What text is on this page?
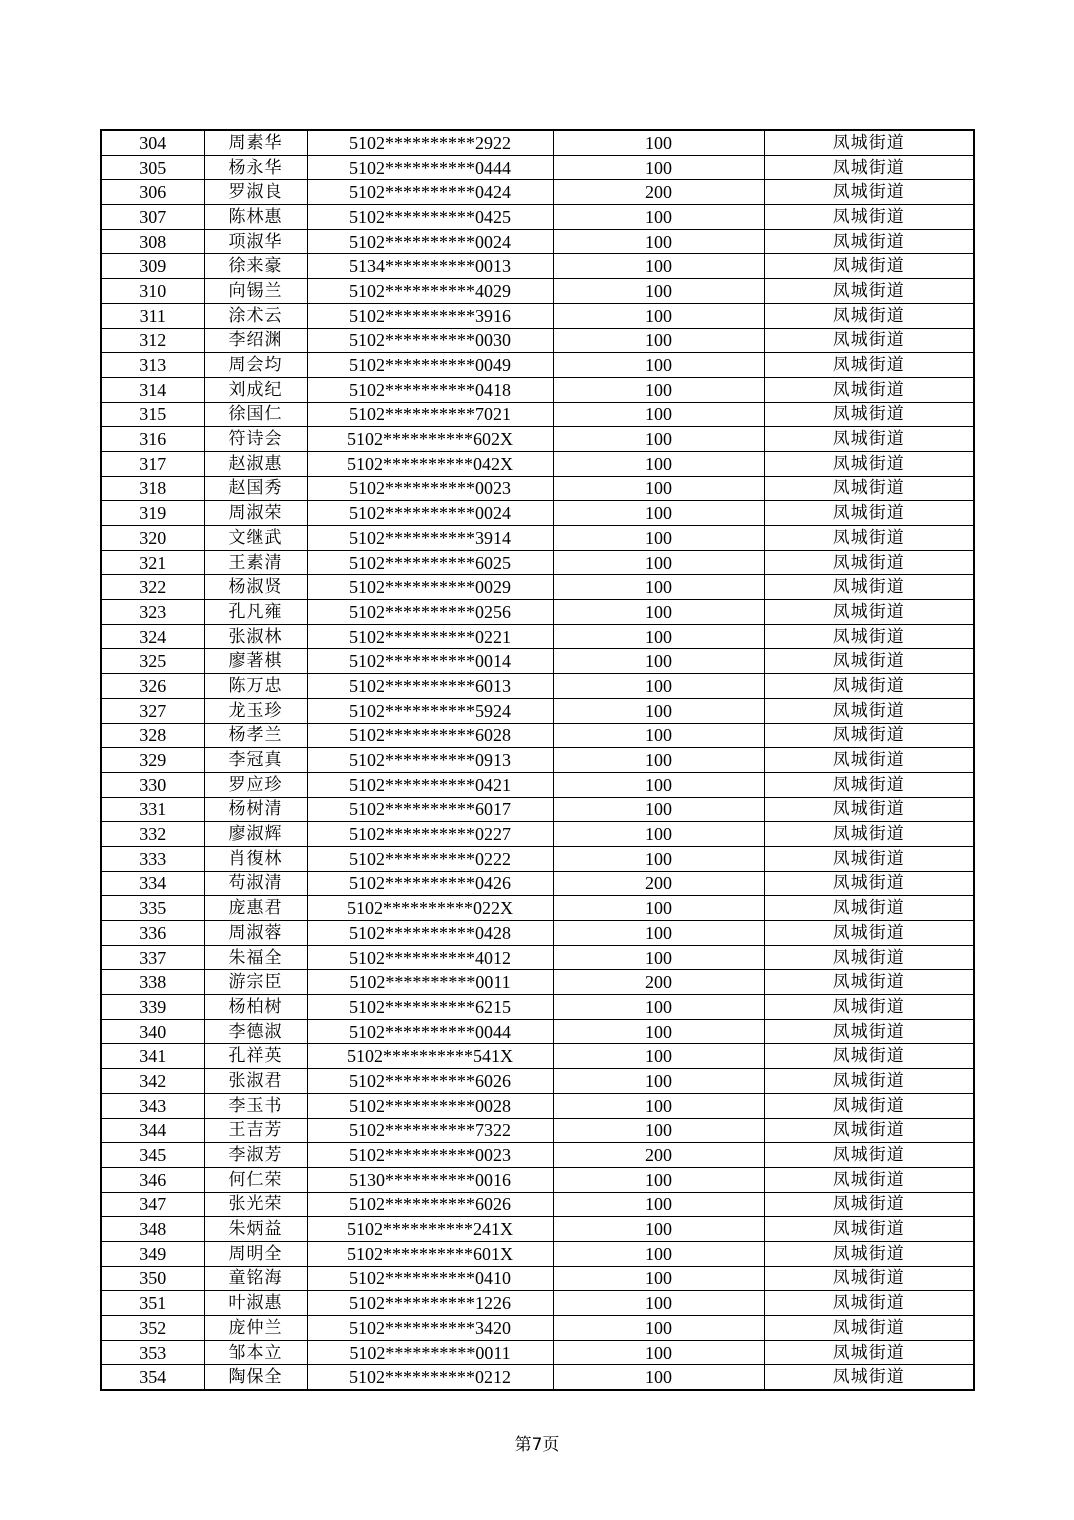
304	周素华	5102**********2922	100	凤城街道
305	杨永华	5102**********0444	100	凤城街道
306	罗淑良	5102**********0424	200	凤城街道
307	陈林惠	5102**********0425	100	凤城街道
308	项淑华	5102**********0024	100	凤城街道
309	徐来豪	5134**********0013	100	凤城街道
310	向锡兰	5102**********4029	100	凤城街道
311	涂术云	5102**********3916	100	凤城街道
312	李绍渊	5102**********0030	100	凤城街道
313	周会均	5102**********0049	100	凤城街道
314	刘成纪	5102**********0418	100	凤城街道
315	徐国仁	5102**********7021	100	凤城街道
316	符诗会	5102**********602X	100	凤城街道
317	赵淑惠	5102**********042X	100	凤城街道
318	赵国秀	5102**********0023	100	凤城街道
319	周淑荣	5102**********0024	100	凤城街道
320	文继武	5102**********3914	100	凤城街道
321	王素清	5102**********6025	100	凤城街道
322	杨淑贤	5102**********0029	100	凤城街道
323	孔凡雍	5102**********0256	100	凤城街道
324	张淑林	5102**********0221	100	凤城街道
325	廖著棋	5102**********0014	100	凤城街道
326	陈万忠	5102**********6013	100	凤城街道
327	龙玉珍	5102**********5924	100	凤城街道
328	杨孝兰	5102**********6028	100	凤城街道
329	李冠真	5102**********0913	100	凤城街道
330	罗应珍	5102**********0421	100	凤城街道
331	杨树清	5102**********6017	100	凤城街道
332	廖淑辉	5102**********0227	100	凤城街道
333	肖復林	5102**********0222	100	凤城街道
334	苟淑清	5102**********0426	200	凤城街道
335	庞惠君	5102**********022X	100	凤城街道
336	周淑蓉	5102**********0428	100	凤城街道
337	朱福全	5102**********4012	100	凤城街道
338	游宗臣	5102**********0011	200	凤城街道
339	杨柏树	5102**********6215	100	凤城街道
340	李德淑	5102**********0044	100	凤城街道
341	孔祥英	5102**********541X	100	凤城街道
342	张淑君	5102**********6026	100	凤城街道
343	李玉书	5102**********0028	100	凤城街道
344	王吉芳	5102**********7322	100	凤城街道
345	李淑芳	5102**********0023	200	凤城街道
346	何仁荣	5130**********0016	100	凤城街道
347	张光荣	5102**********6026	100	凤城街道
348	朱炳益	5102**********241X	100	凤城街道
349	周明全	5102**********601X	100	凤城街道
350	童铭海	5102**********0410	100	凤城街道
351	叶淑惠	5102**********1226	100	凤城街道
352	庞仲兰	5102**********3420	100	凤城街道
353	邹本立	5102**********0011	100	凤城街道
354	陶保全	5102**********0212	100	凤城街道
第7页
